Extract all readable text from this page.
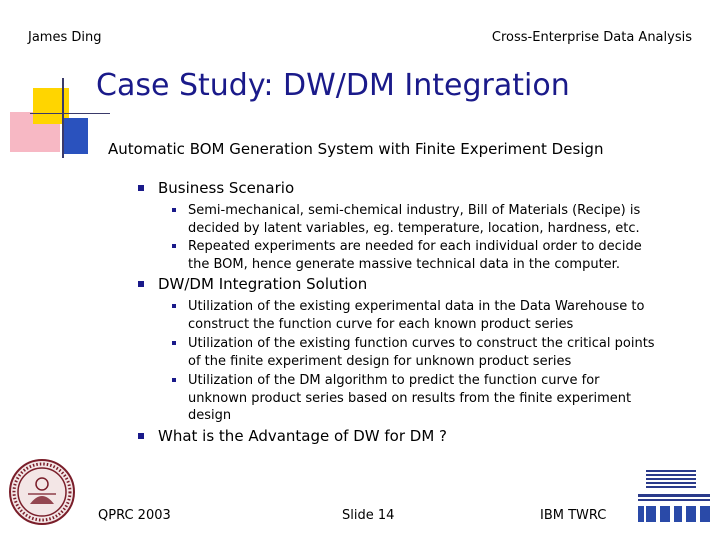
James Ding	Cross-Enterprise Data Analysis
Case Study: DW/DM Integration
Automatic BOM Generation System with Finite Experiment Design
Business Scenario
Semi-mechanical, semi-chemical industry, Bill of Materials (Recipe) is
decided by latent variables, eg. temperature, location, hardness, etc.
Repeated experiments are needed for each individual order to decide
the BOM, hence generate massive technical data in the computer.
DW/DM Integration Solution
Utilization of the existing experimental data in the Data Warehouse to
construct the function curve for each known product series
Utilization of the existing function curves to construct the critical points
of the finite experiment design for unknown product series
Utilization of the DM algorithm to predict the function curve for
unknown product series based on results from the finite experiment
design
What is the Advantage of DW for DM ?
QPRC 2003	Slide 14	IBM TWRC
